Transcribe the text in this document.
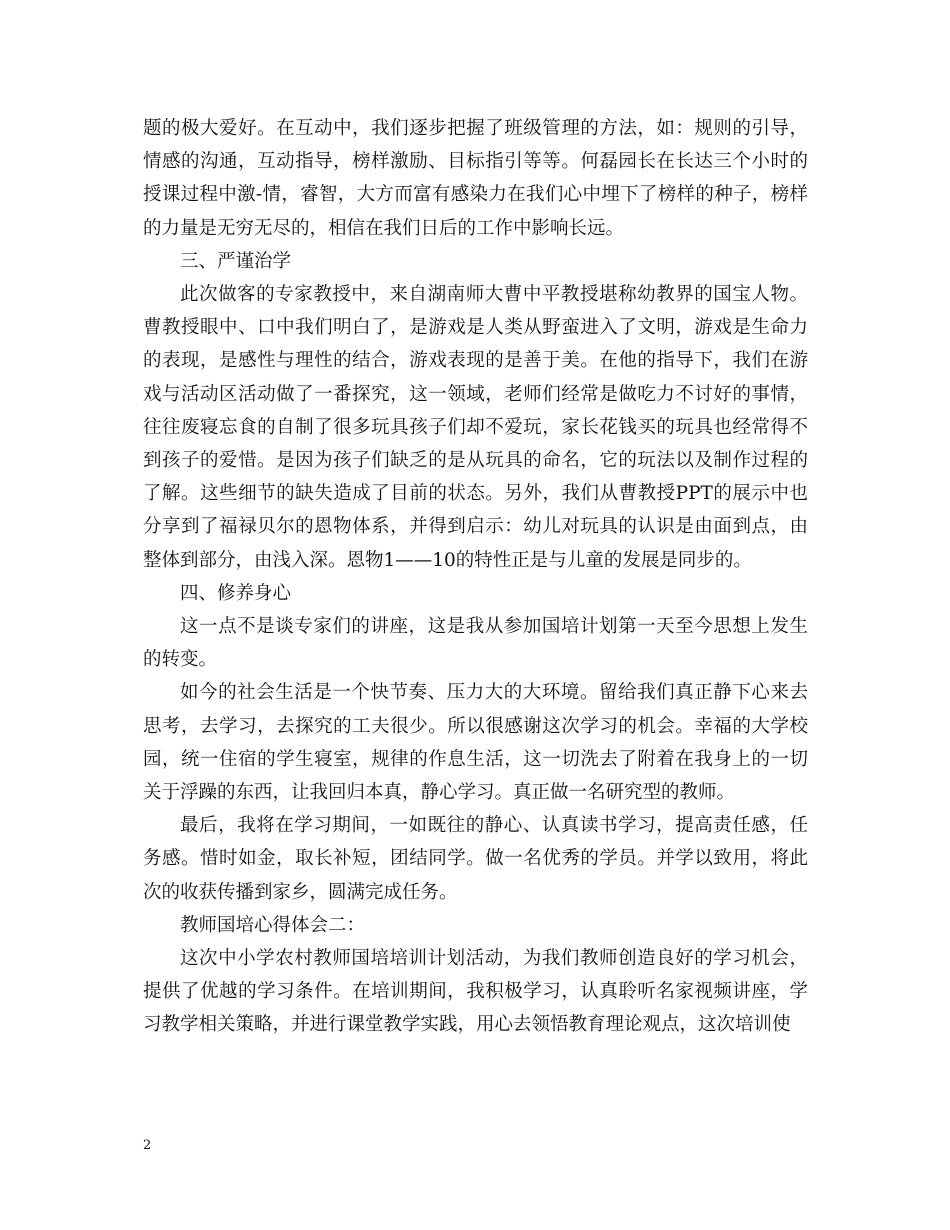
题的极大爱好。在互动中，我们逐步把握了班级管理的方法，如：规则的引导，情感的沟通，互动指导，榜样激励、目标指引等等。何磊园长在长达三个小时的授课过程中激-情，睿智，大方而富有感染力在我们心中埋下了榜样的种子，榜样的力量是无穷无尽的，相信在我们日后的工作中影响长远。

三、严谨治学

此次做客的专家教授中，来自湖南师大曹中平教授堪称幼教界的国宝人物。曹教授眼中、口中我们明白了，是游戏是人类从野蛮进入了文明，游戏是生命力的表现，是感性与理性的结合，游戏表现的是善于美。在他的指导下，我们在游戏与活动区活动做了一番探究，这一领域，老师们经常是做吃力不讨好的事情，往往废寝忘食的自制了很多玩具孩子们却不爱玩，家长花钱买的玩具也经常得不到孩子的爱惜。是因为孩子们缺乏的是从玩具的命名，它的玩法以及制作过程的了解。这些细节的缺失造成了目前的状态。另外，我们从曹教授PPT的展示中也分享到了福禄贝尔的恩物体系，并得到启示：幼儿对玩具的认识是由面到点，由整体到部分，由浅入深。恩物1——10的特性正是与儿童的发展是同步的。

四、修养身心

这一点不是谈专家们的讲座，这是我从参加国培计划第一天至今思想上发生的转变。

如今的社会生活是一个快节奏、压力大的大环境。留给我们真正静下心来去思考，去学习，去探究的工夫很少。所以很感谢这次学习的机会。幸福的大学校园，统一住宿的学生寝室，规律的作息生活，这一切洗去了附着在我身上的一切关于浮躁的东西，让我回归本真，静心学习。真正做一名研究型的教师。

最后，我将在学习期间，一如既往的静心、认真读书学习，提高责任感，任务感。惜时如金，取长补短，团结同学。做一名优秀的学员。并学以致用，将此次的收获传播到家乡，圆满完成任务。

教师国培心得体会二：

这次中小学农村教师国培培训计划活动，为我们教师创造良好的学习机会，提供了优越的学习条件。在培训期间，我积极学习，认真聆听名家视频讲座，学习教学相关策略，并进行课堂教学实践，用心去领悟教育理论观点，这次培训使

2
